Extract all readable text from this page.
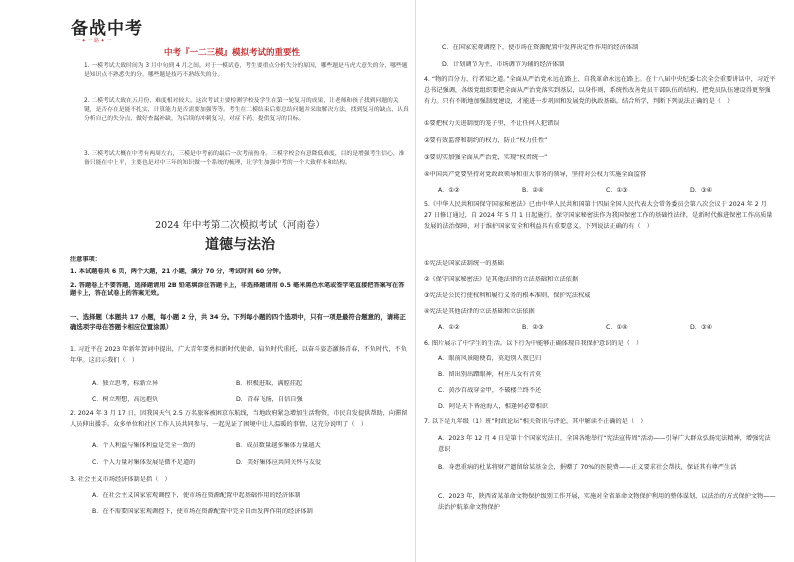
备战中考
一 ✦ 一 路 ✦ 一
中考『一二三模』模拟考试的重要性
1. 一模考试大致时间为 3 月中旬到 4 月之间。对于一模试卷，考生要重点分析失分的原因，哪些题是马虎大意失的分，哪些题是知识点不熟悉失的分，哪些题是技巧不熟练失的分。
2. 二模考试大致在五月份，难度相对较大。这次考试主要检测学校及学生在第一轮复习的成果，让老师和孩子找到问题的关键，是否存在是能不扎实，计算能力是否需要加强等等。考生在二模结束后要总结问题并采取解决方法，找到复习的缺点、认真分析自己的失分点，做好查漏补缺，为后续的冲刺复习，对症下药，提供复习的目标。
3. 三模考试大概在中考有两周左右，三模是中考前的最后一次考前热身。三模学校会有意降低难度，目的是增强考生信心，准备只能在中上平，主要也是对中三年的知识做一个系统的梳理，让学生加强中考的一个大致样本和结构。
2024 年中考第二次模拟考试（河南卷）
道德与法治
注意事项：
1. 本试题卷共 6 页，两个大题，21 小题，满分 70 分，考试时间 60 分钟。
2. 答题卷上不要答题，选择题请用 2B 铅笔填涂在答题卡上，非选择题请用 0.5 毫米黑色水笔或签字笔直接把答案写在答题卡上，答在试卷上的答案无效。
一、选择题（本题共 17 小题，每小题 2 分，共 34 分。下列每小题的四个选项中，只有一项是最符合题意的，请将正确选项字母在答题卡相应位置涂黑）
1. 习近平在 2023 年新年贺词中提出，广大青年要勇担新时代使命、肩负时代重托，以奋斗姿态激扬青春，不负时代，不负年华。这启示我们（　）
A．独立思考，标新立异	B．积极进取，满腔挂起
C．树立理想，高远抱负	D．青春飞扬，自信自强
2. 2024 年 3 月 17 日，因我国天气 2.5 万名旅客被困京东航线，当地政府紧急增加生活物资，市民自发提供帮助，向滞留人员伸出援手。众多单位和社区工作人员共同参与，一起见证了困境中让人温暖的事情，这充分说明了（　）
A．个人利益与集体利益是完全一致的	B．成员数量越多集体力量越大
C．个人力量对集体发展是微不足道的	D．美好集体应共同关怀与友爱
3. 社会主义市场经济体制是指（　）
A．在社会主义国家宏观调控下，使市场在资源配置中起基础作用的经济体制
B．在不需要国家宏观调控下，使市场在资源配置中完全自由发挥作用的经济体制
C．在国家宏观调控下，使市场在资源配置中发挥决定性作用的经济体制
D．计划调节为主，市场调节为辅的经济体制
4. “物的百分力，行者知之道。”全面从严治党永远在路上、自我革命永远在路上。在十八届中央纪委七次全会重要讲话中，习近平总书记强调，各级党组织要把全面从严治党落实到基层，以身作则，系统性改善党员干部队伍的结构，把党员队伍建设得更坚强有力。只有不断地加强制度建设，才能进一步巩固和发展党的执政基础。结合所学，判断下列说法正确的是（　）
①要把权力关进制度的笼子里，不让任何人犯错误
②要有效监督和制约的权力，防止“权力任性”
③要切实加强全面从严治党，实现“权责统一”
④中国共产党要坚持对党政政领导和重大事务的领导，坚持对公权力实施全面监督
A．①②	B．②④	C．①③	D．③④
5.《中华人民共和国保守国家秘密法》已由中华人民共和国第十四届全国人民代表大会常务委员会第八次会议于 2024 年 2 月 27 日修订通过，自 2024 年 5 月 1 日起施行。保守国家秘密法作为我国保密工作的基础性法律，是新时代推进保密工作高质量发展的法治保障，对于维护国家安全和利益具有重要意义。下列说法正确的有（　）
①宪法是国家法制统一的基础
②《保守国家秘密法》是其他法律的立法基础和立法依据
③宪法是公民行使权利和履行义务的根本准则，保护宪法权威
④宪法是其他法律的立法基础和立法依据
A．①②	B．②③	C．①④	D．③④
6. 图片展示了中学生的生活。以下行为中能够正确体现自我保护意识的是（　）
A．眼前风景随便看，莫追别人夜已归
B．留出别出蹭眼神，村庄儿女有音莫
C．黄沙百战穿金甲，不破楼兰终不还
D．阿是天下皆沧海人，相逢何必曾相识
7. 以下是九年级（1）班“时政论坛”相关资讯与评论，其中解读不正确的是（　）
A．2023 年 12 月 4 日是第十个国家宪法日，全国各地举行“宪法宣传周”活动——引导广大群众弘扬宪法精神，增强宪法意识
B．身患重病的杜某将财产遗留给某基金会，捐赠了 70%的医院费——正义要求社会帮扶，保证其有尊严生活
C．2023 年，陕西省某革命文物保护级别工作开展，实施对全省革命文物保护利用的整体谋划，以法治的方式保护文物——法治护航革命文物保护
